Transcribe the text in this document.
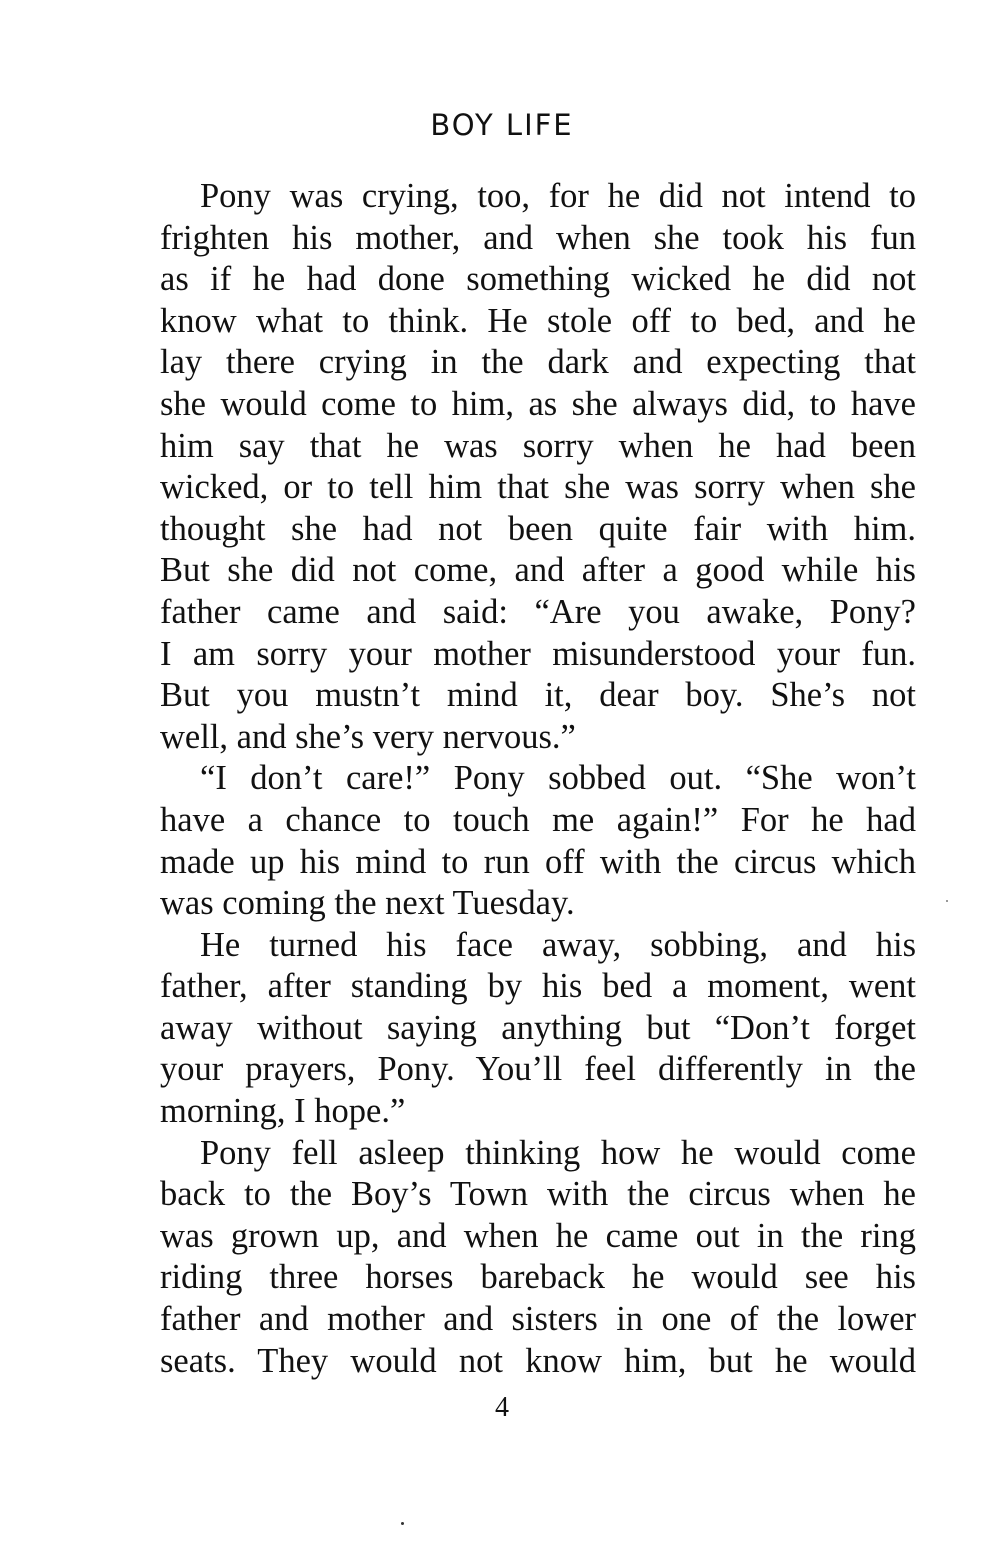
BOY LIFE
Pony was crying, too, for he did not intend to
frighten his mother, and when she took his fun
as if he had done something wicked he did not
know what to think. He stole off to bed, and he
lay there crying in the dark and expecting that
she would come to him, as she always did, to have
him say that he was sorry when he had been
wicked, or to tell him that she was sorry when she
thought she had not been quite fair with him.
But she did not come, and after a good while his
father came and said: “Are you awake, Pony?
I am sorry your mother misunderstood your fun.
But you mustn’t mind it, dear boy. She’s not
well, and she’s very nervous.”
“I don’t care!” Pony sobbed out. “She won’t
have a chance to touch me again!” For he had
made up his mind to run off with the circus which
was coming the next Tuesday.
He turned his face away, sobbing, and his
father, after standing by his bed a moment, went
away without saying anything but “Don’t forget
your prayers, Pony. You’ll feel differently in the
morning, I hope.”
Pony fell asleep thinking how he would come
back to the Boy’s Town with the circus when he
was grown up, and when he came out in the ring
riding three horses bareback he would see his
father and mother and sisters in one of the lower
seats. They would not know him, but he would
4
